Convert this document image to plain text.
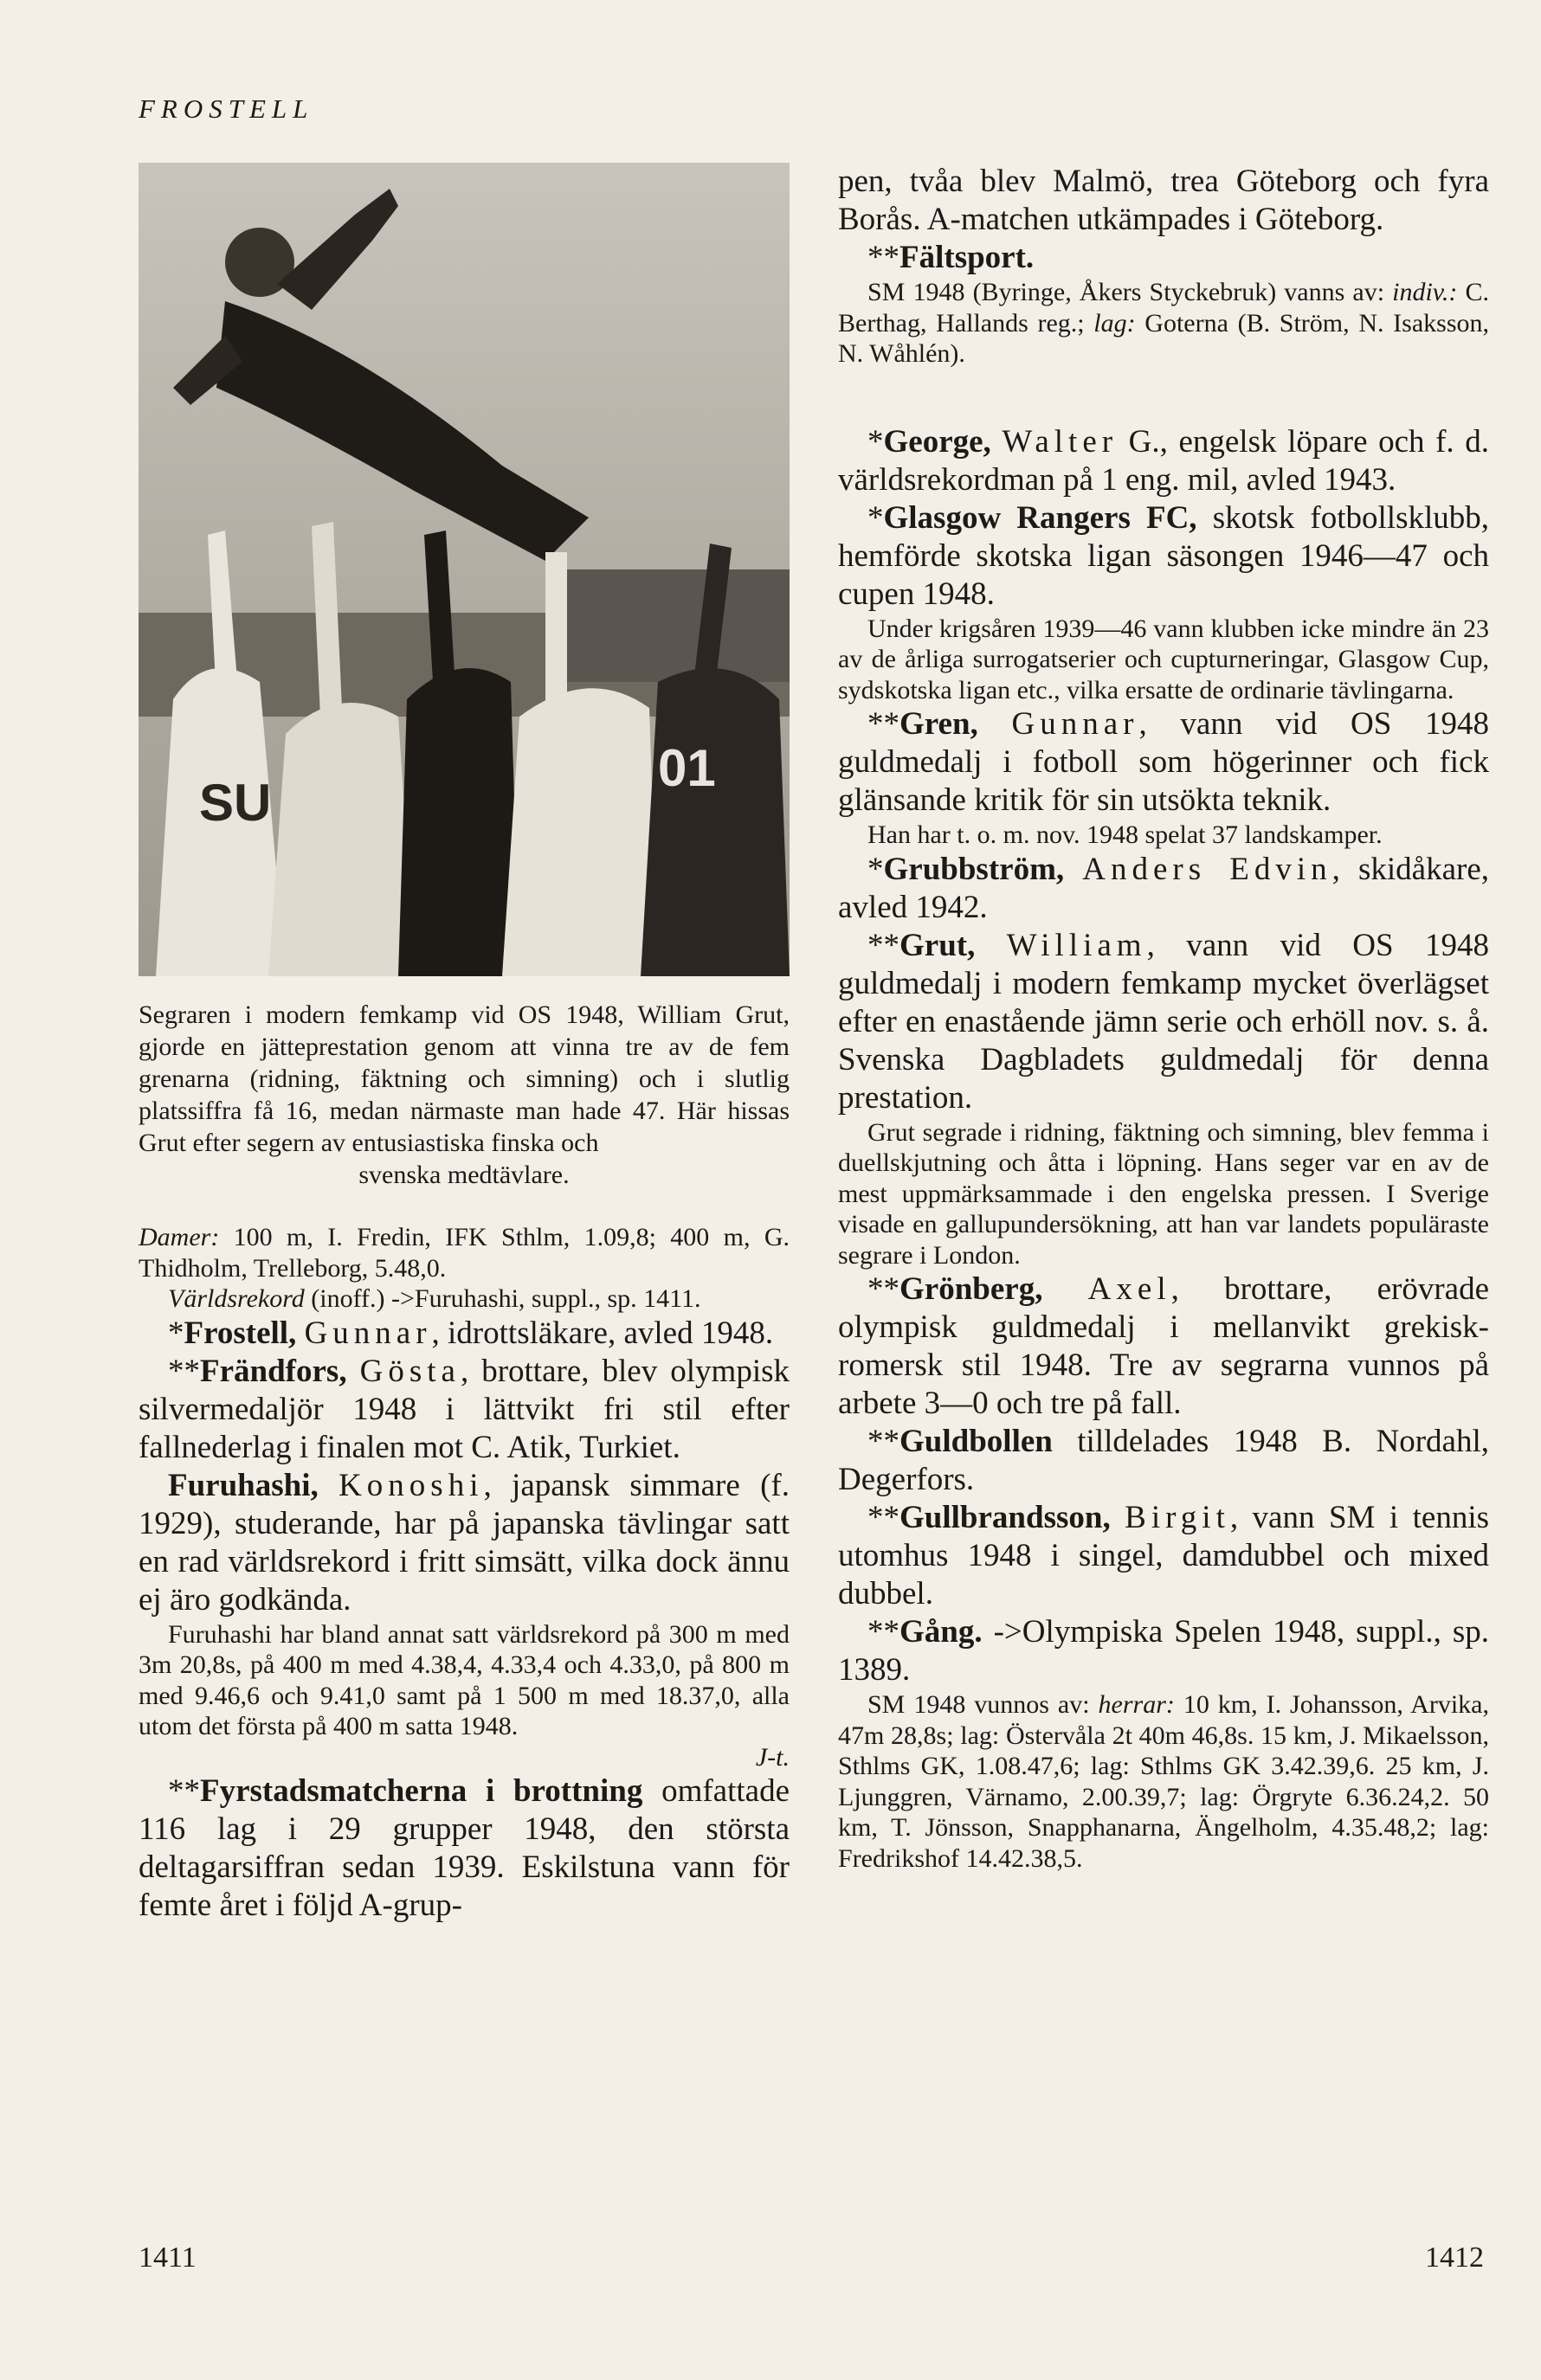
FROSTELL
SU
01

Segraren i modern femkamp vid OS 1948, William Grut, gjorde en jätteprestation genom att vinna tre av de fem grenarna (ridning, fäktning och simning) och i slutlig platssiffra få 16, medan närmaste man hade 47. Här hissas Grut efter segern av entusiastiska finska och
svenska medtävlare.

Damer: 100 m, I. Fredin, IFK Sthlm, 1.09,8; 400 m, G. Thidholm, Trelleborg, 5.48,0.

Världsrekord (inoff.) ->Furuhashi, suppl., sp. 1411.

*Frostell, Gunnar, idrottsläkare, avled 1948.

**Frändfors, Gösta, brottare, blev olympisk silvermedaljör 1948 i lättvikt fri stil efter fallnederlag i finalen mot C. Atik, Turkiet.

Furuhashi, Konoshi, japansk simmare (f. 1929), studerande, har på japanska tävlingar satt en rad världsrekord i fritt simsätt, vilka dock ännu ej äro godkända.

Furuhashi har bland annat satt världsrekord på 300 m med 3m 20,8s, på 400 m med 4.38,4, 4.33,4 och 4.33,0, på 800 m med 9.46,6 och 9.41,0 samt på 1 500 m med 18.37,0, alla utom det första på 400 m satta 1948.

J-t.

**Fyrstadsmatcherna i brottning omfattade 116 lag i 29 grupper 1948, den största deltagarsiffran sedan 1939. Eskilstuna vann för femte året i följd A-grup-

pen, tvåa blev Malmö, trea Göteborg och fyra Borås. A-matchen utkämpades i Göteborg.

**Fältsport.

SM 1948 (Byringe, Åkers Styckebruk) vanns av: indiv.: C. Berthag, Hallands reg.; lag: Goterna (B. Ström, N. Isaksson, N. Wåhlén).

*George, Walter G., engelsk löpare och f. d. världsrekordman på 1 eng. mil, avled 1943.

*Glasgow Rangers FC, skotsk fotbollsklubb, hemförde skotska ligan säsongen 1946—47 och cupen 1948.

Under krigsåren 1939—46 vann klubben icke mindre än 23 av de årliga surrogatserier och cupturneringar, Glasgow Cup, sydskotska ligan etc., vilka ersatte de ordinarie tävlingarna.

**Gren, Gunnar, vann vid OS 1948 guldmedalj i fotboll som högerinner och fick glänsande kritik för sin utsökta teknik.

Han har t. o. m. nov. 1948 spelat 37 landskamper.

*Grubbström, Anders Edvin, skidåkare, avled 1942.

**Grut, William, vann vid OS 1948 guldmedalj i modern femkamp mycket överlägset efter en enastående jämn serie och erhöll nov. s. å. Svenska Dagbladets guldmedalj för denna prestation.

Grut segrade i ridning, fäktning och simning, blev femma i duellskjutning och åtta i löpning. Hans seger var en av de mest uppmärksammade i den engelska pressen. I Sverige visade en gallupundersökning, att han var landets populäraste segrare i London.

**Grönberg, Axel, brottare, erövrade olympisk guldmedalj i mellanvikt grekisk-romersk stil 1948. Tre av segrarna vunnos på arbete 3—0 och tre på fall.

**Guldbollen tilldelades 1948 B. Nordahl, Degerfors.

**Gullbrandsson, Birgit, vann SM i tennis utomhus 1948 i singel, damdubbel och mixed dubbel.

**Gång. ->Olympiska Spelen 1948, suppl., sp. 1389.

SM 1948 vunnos av: herrar: 10 km, I. Johansson, Arvika, 47m 28,8s; lag: Östervåla 2t 40m 46,8s. 15 km, J. Mikaelsson, Sthlms GK, 1.08.47,6; lag: Sthlms GK 3.42.39,6. 25 km, J. Ljunggren, Värnamo, 2.00.39,7; lag: Örgryte 6.36.24,2. 50 km, T. Jönsson, Snapphanarna, Ängelholm, 4.35.48,2; lag: Fredrikshof 14.42.38,5.

1411	1412
